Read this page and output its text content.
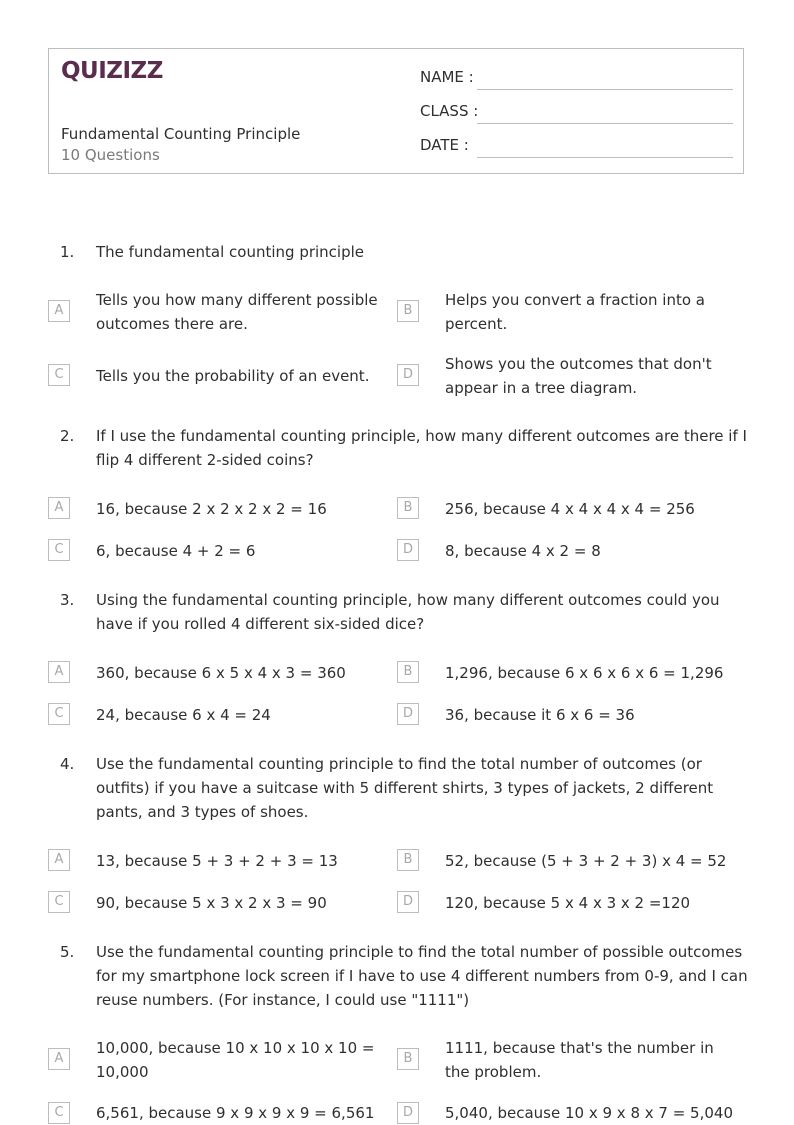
QUIZIZZ
Fundamental Counting Principle
10 Questions
NAME :
CLASS :
DATE :
1. The fundamental counting principle
A
Tells you how many different possible outcomes there are.
B
Helps you convert a fraction into a percent.
C	Tells you the probability of an event.	D
Shows you the outcomes that don't appear in a tree diagram.
2. If I use the fundamental counting principle, how many different outcomes are there if I flip 4 different 2-sided coins?
A	16, because 2 x 2 x 2 x 2 = 16	B	256, because 4 x 4 x 4 x 4 = 256
C	6, because 4 + 2 = 6	D	8, because 4 x 2 = 8
3. Using the fundamental counting principle, how many different outcomes could you have if you rolled 4 different six-sided dice?
A	360, because 6 x 5 x 4 x 3 = 360	B	1,296, because 6 x 6 x 6 x 6 = 1,296
C	24, because 6 x 4 = 24	D	36, because it 6 x 6 = 36
4. Use the fundamental counting principle to find the total number of outcomes (or outfits) if you have a suitcase with 5 different shirts, 3 types of jackets, 2 different pants, and 3 types of shoes.
A	13, because 5 + 3 + 2 + 3 = 13	B	52, because (5 + 3 + 2 + 3) x 4 = 52
C	90, because 5 x 3 x 2 x 3 = 90	D	120, because 5 x 4 x 3 x 2 =120
5. Use the fundamental counting principle to find the total number of possible outcomes for my smartphone lock screen if I have to use 4 different numbers from 0-9, and I can reuse numbers. (For instance, I could use "1111")
A
10,000, because 10 x 10 x 10 x 10 = 10,000
B
1111, because that's the number in the problem.
C	6,561, because 9 x 9 x 9 x 9 = 6,561	D	5,040, because 10 x 9 x 8 x 7 = 5,040
